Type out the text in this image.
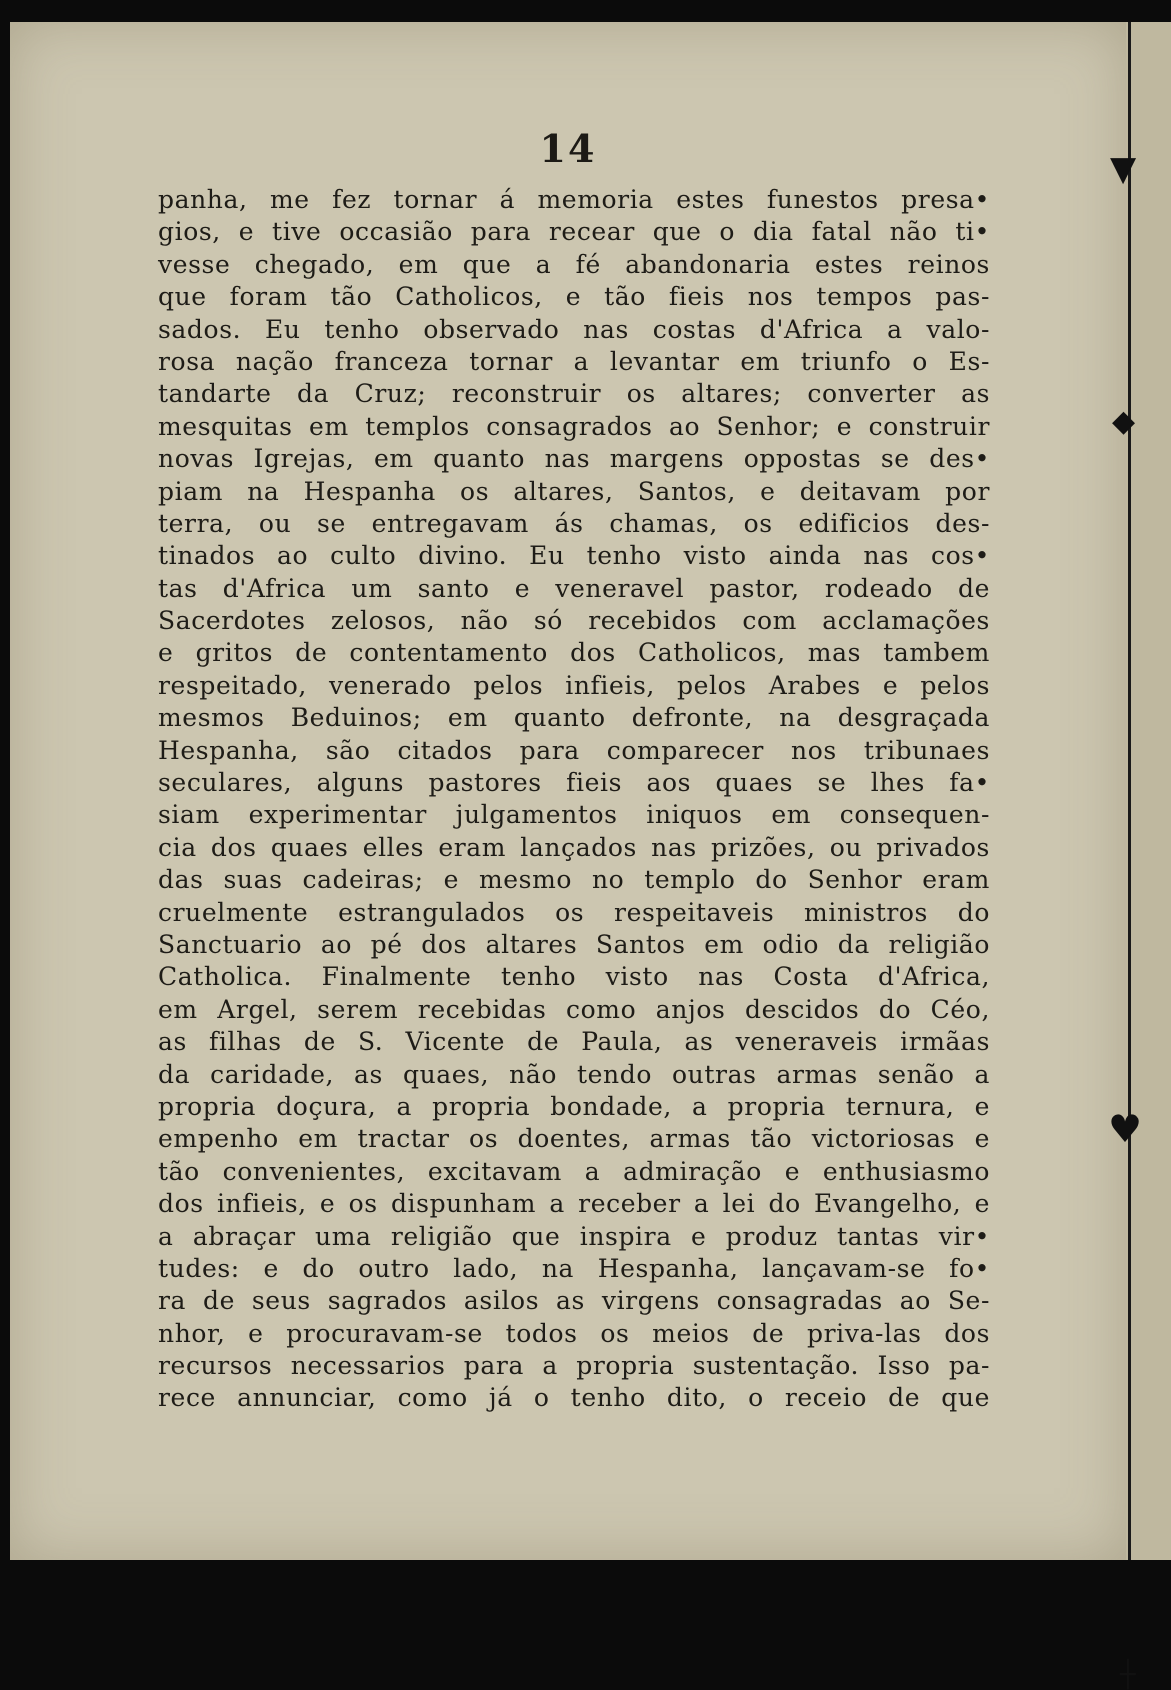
14
panha, me fez tornar á memoria estes funestos presa•
gios, e tive occasião para recear que o dia fatal não ti•
vesse chegado, em que a fé abandonaria estes reinos
que foram tão Catholicos, e tão fieis nos tempos pas-
sados. Eu tenho observado nas costas d'Africa a valo-
rosa nação franceza tornar a levantar em triunfo o Es-
tandarte da Cruz; reconstruir os altares; converter as
mesquitas em templos consagrados ao Senhor; e construir
novas Igrejas, em quanto nas margens oppostas se des•
piam na Hespanha os altares, Santos, e deitavam por
terra, ou se entregavam ás chamas, os edificios des-
tinados ao culto divino. Eu tenho visto ainda nas cos•
tas d'Africa um santo e veneravel pastor, rodeado de
Sacerdotes zelosos, não só recebidos com acclamações
e gritos de contentamento dos Catholicos, mas tambem
respeitado, venerado pelos infieis, pelos Arabes e pelos
mesmos Beduinos; em quanto defronte, na desgraçada
Hespanha, são citados para comparecer nos tribunaes
seculares, alguns pastores fieis aos quaes se lhes fa•
siam experimentar julgamentos iniquos em consequen-
cia dos quaes elles eram lançados nas prizões, ou privados
das suas cadeiras; e mesmo no templo do Senhor eram
cruelmente estrangulados os respeitaveis ministros do
Sanctuario ao pé dos altares Santos em odio da religião
Catholica. Finalmente tenho visto nas Costa d'Africa,
em Argel, serem recebidas como anjos descidos do Céo,
as filhas de S. Vicente de Paula, as veneraveis irmãas
da caridade, as quaes, não tendo outras armas senão a
propria doçura, a propria bondade, a propria ternura, e
empenho em tractar os doentes, armas tão victoriosas e
tão convenientes, excitavam a admiração e enthusiasmo
dos infieis, e os dispunham a receber a lei do Evangelho, e
a abraçar uma religião que inspira e produz tantas vir•
tudes: e do outro lado, na Hespanha, lançavam-se fo•
ra de seus sagrados asilos as virgens consagradas ao Se-
nhor, e procuravam-se todos os meios de priva-las dos
recursos necessarios para a propria sustentação. Isso pa-
rece annunciar, como já o tenho dito, o receio de que
▼
◆
♥
┼
